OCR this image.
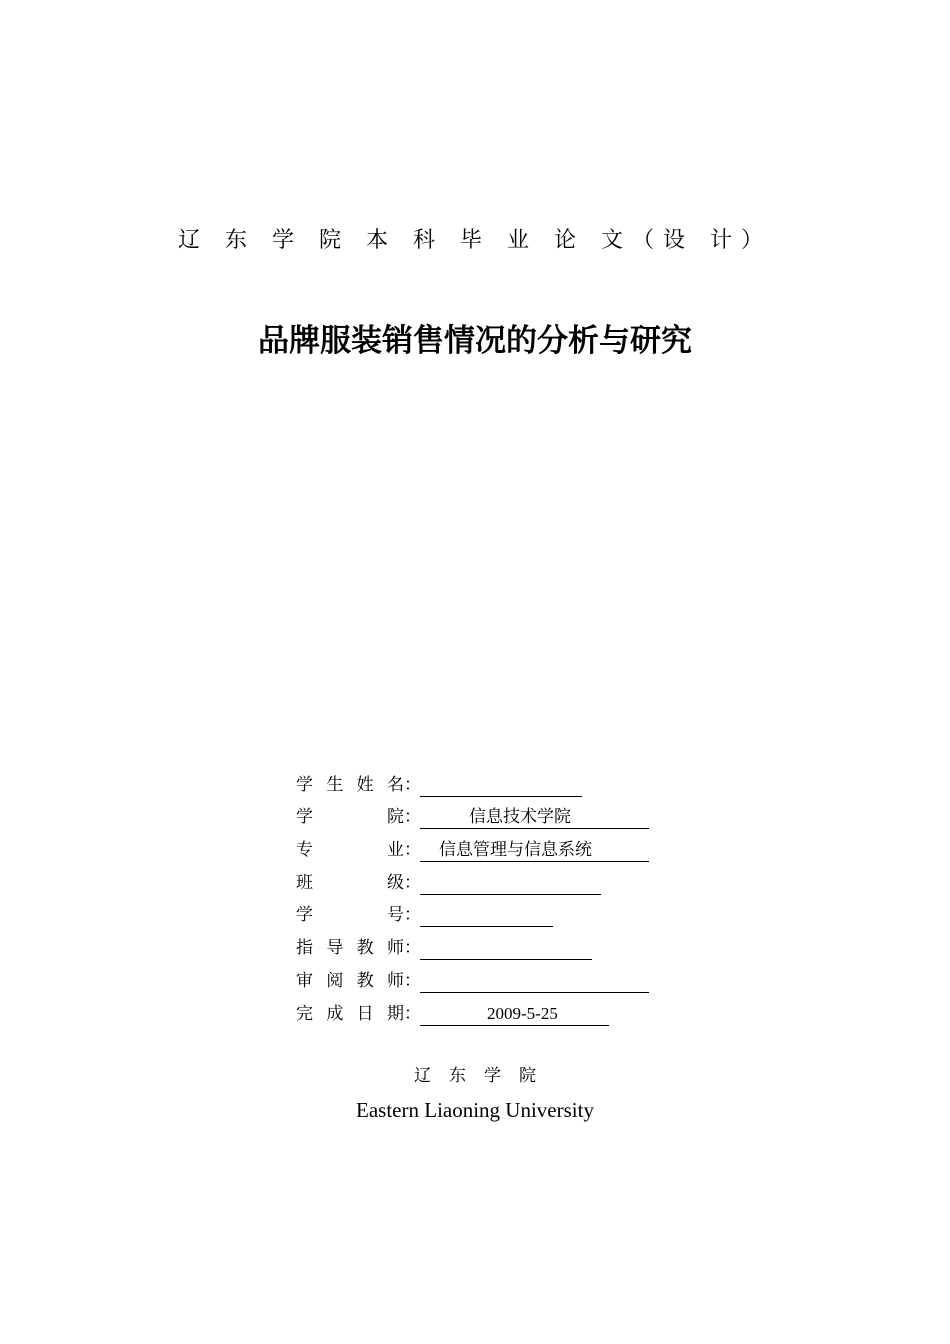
辽 东 学 院 本 科 毕 业 论 文（设 计）
品牌服装销售情况的分析与研究
学 生 姓 名 ：
学	院 ：	信息技术学院
专	业 ： 信息管理与信息系统
班	级 ：
学	号 ：
指 导 教 师 ：
审 阅 教 师 ：
完 成 日 期 ：	2009-5-25
辽东学院
Eastern Liaoning University
